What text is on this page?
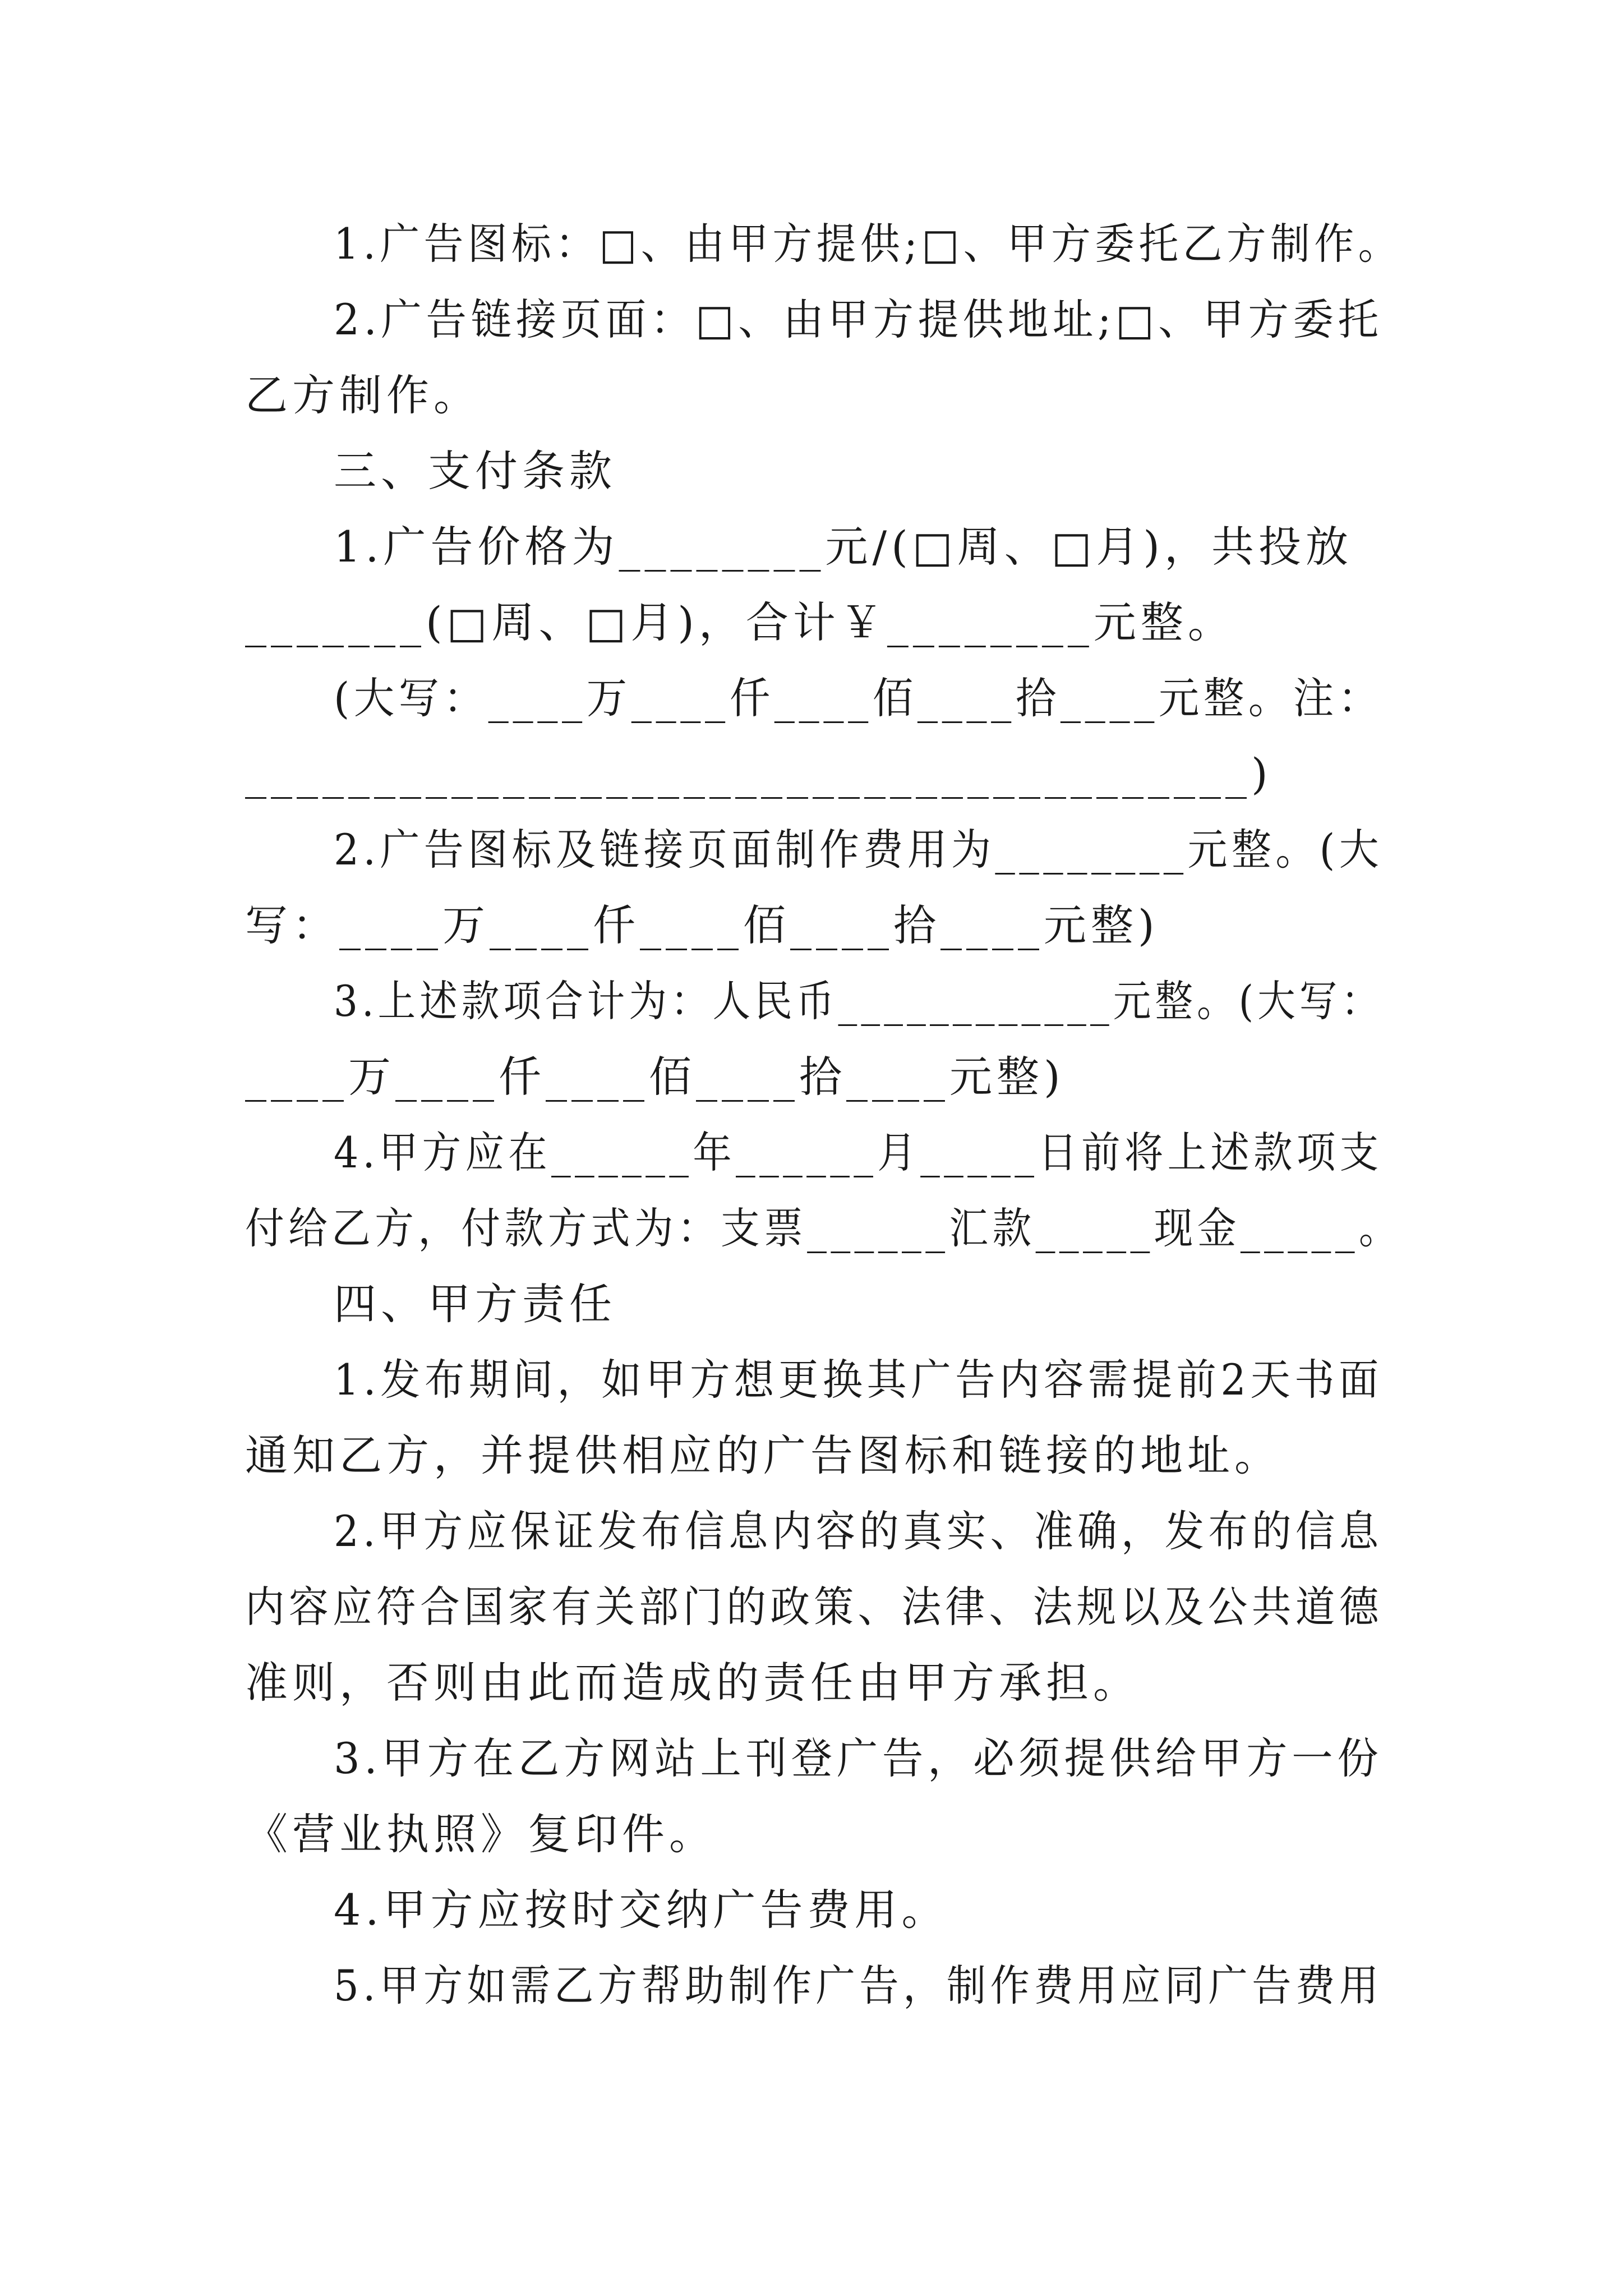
1.广告图标：□、由甲方提供;□、甲方委托乙方制作。
2.广告链接页面：□、由甲方提供地址;□、甲方委托
乙方制作。
三、支付条款
1.广告价格为________元/(□周、□月)，共投放
_______(□周、□月)，合计￥________元整。
(大写：____万____仟____佰____拾____元整。注：
_______________________________________)
2.广告图标及链接页面制作费用为________元整。(大
写：____万____仟____佰____拾____元整)
3.上述款项合计为：人民币____________元整。(大写：
____万____仟____佰____拾____元整)
4.甲方应在______年______月_____日前将上述款项支
付给乙方，付款方式为：支票______汇款_____现金_____。
四、甲方责任
1.发布期间，如甲方想更换其广告内容需提前2天书面
通知乙方，并提供相应的广告图标和链接的地址。
2.甲方应保证发布信息内容的真实、准确，发布的信息
内容应符合国家有关部门的政策、法律、法规以及公共道德
准则，否则由此而造成的责任由甲方承担。
3.甲方在乙方网站上刊登广告，必须提供给甲方一份
《营业执照》复印件。
4.甲方应按时交纳广告费用。
5.甲方如需乙方帮助制作广告，制作费用应同广告费用
